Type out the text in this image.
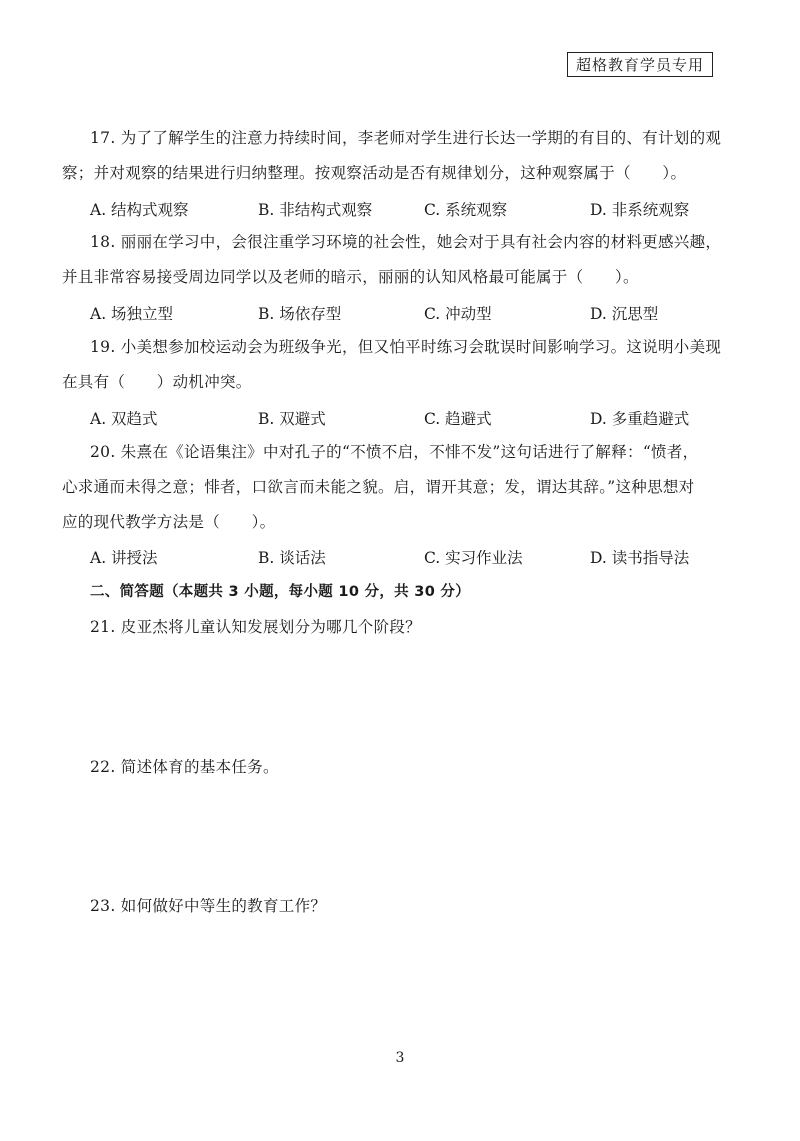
超格教育学员专用
17. 为了了解学生的注意力持续时间，李老师对学生进行长达一学期的有目的、有计划的观
察；并对观察的结果进行归纳整理。按观察活动是否有规律划分，这种观察属于（　　）。
A. 结构式观察	B. 非结构式观察	C. 系统观察	D. 非系统观察
18. 丽丽在学习中，会很注重学习环境的社会性，她会对于具有社会内容的材料更感兴趣，
并且非常容易接受周边同学以及老师的暗示，丽丽的认知风格最可能属于（　　）。
A. 场独立型	B. 场依存型	C. 冲动型	D. 沉思型
19. 小美想参加校运动会为班级争光，但又怕平时练习会耽误时间影响学习。这说明小美现
在具有（　　）动机冲突。
A. 双趋式	B. 双避式	C. 趋避式	D. 多重趋避式
20. 朱熹在《论语集注》中对孔子的“不愤不启，不悱不发”这句话进行了解释：“愤者，
心求通而未得之意；悱者，口欲言而未能之貌。启，谓开其意；发，谓达其辞。”这种思想对
应的现代教学方法是（　　）。
A. 讲授法	B. 谈话法	C. 实习作业法	D. 读书指导法
二、简答题（本题共 3 小题，每小题 10 分，共 30 分）
21. 皮亚杰将儿童认知发展划分为哪几个阶段？
22. 简述体育的基本任务。
23. 如何做好中等生的教育工作？
3
